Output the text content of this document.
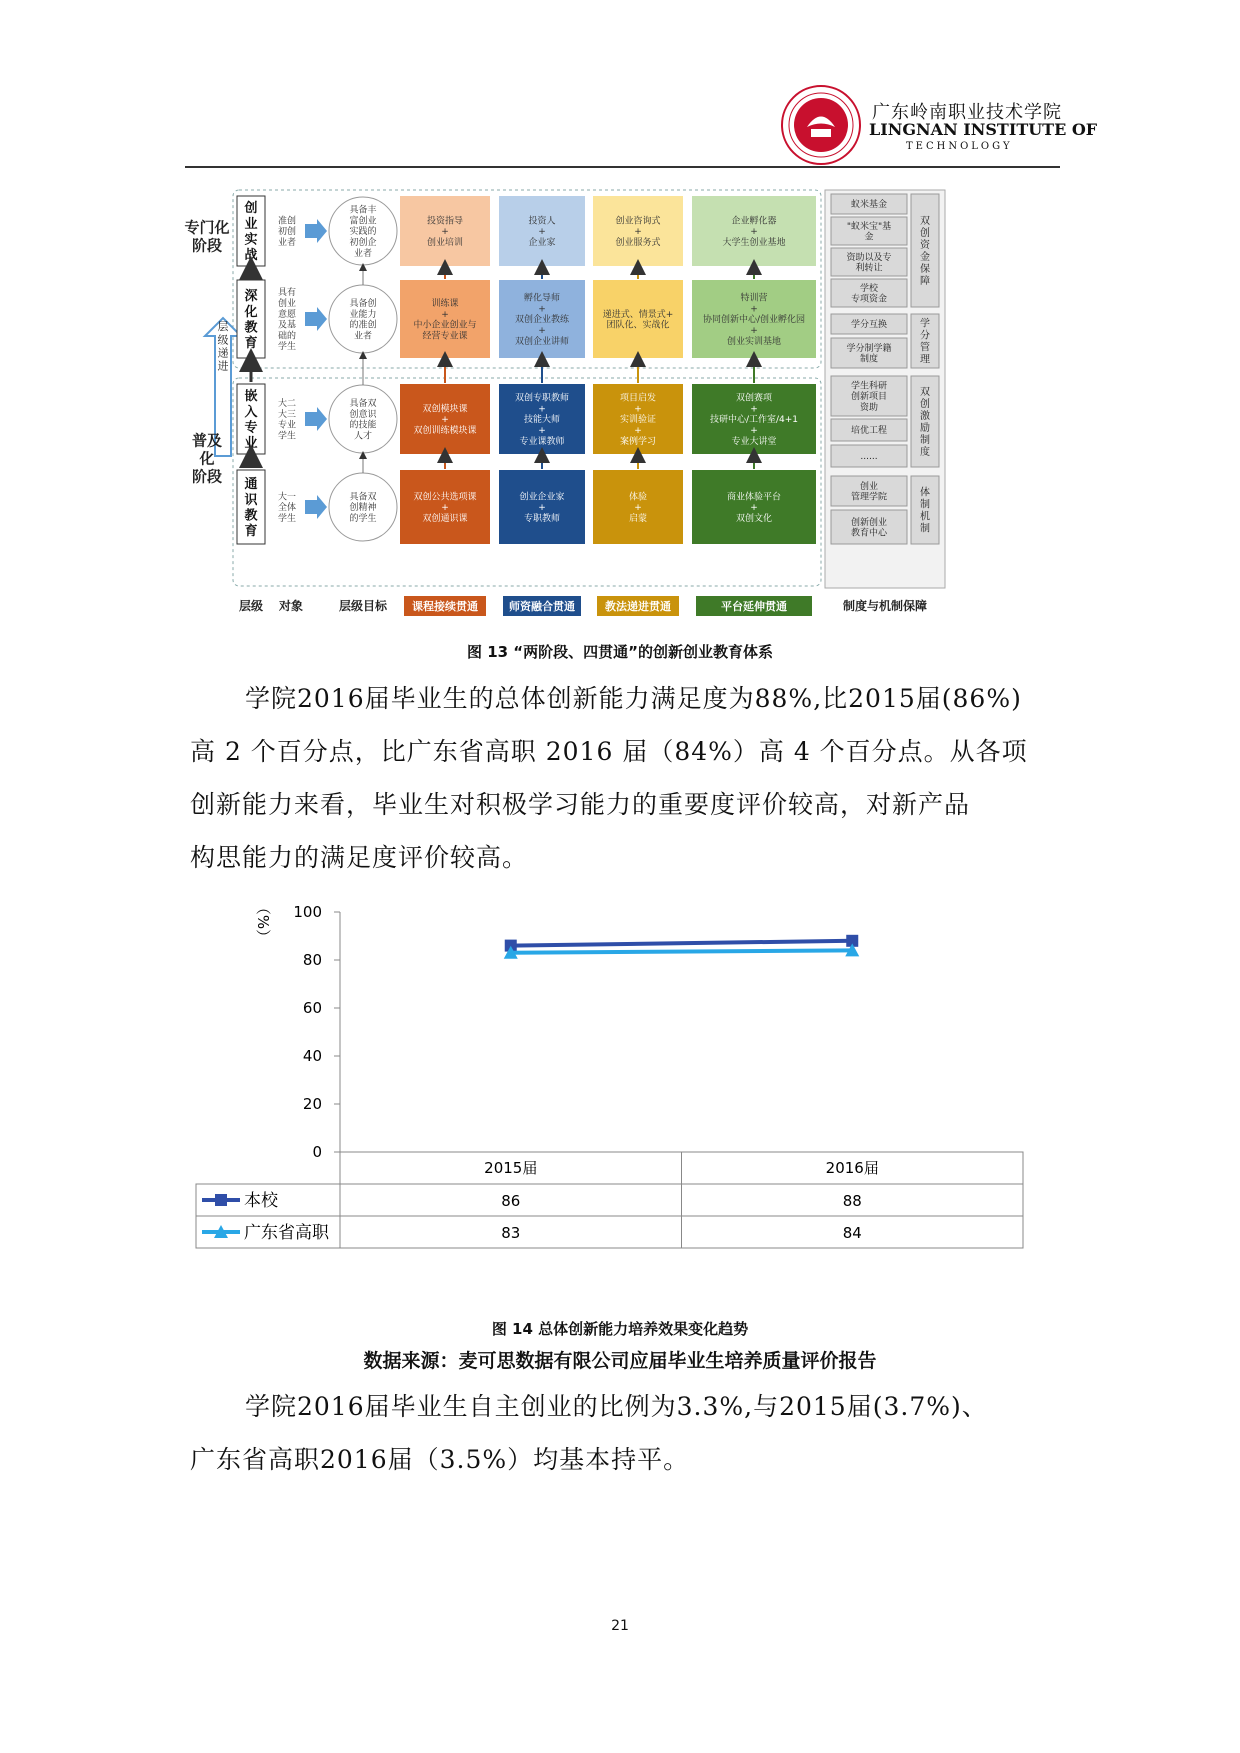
广东岭南职业技术学院
LINGNAN INSTITUTE OF
TECHNOLOGY
专门化阶段
普及化阶段
层级递进
创业实战
准创初创业者
具备丰富创业实践的初创企业者
深化教育
具有创业意愿及基础的学生
具备创业能力的准创业者
嵌入专业
大二大三专业学生
具备双创意识的技能人才
通识教育
大一全体学生
具备双创精神的学生
投资指导+创业培训
训练课+中小企业创业与经营专业课
双创模块课+双创训练模块课
双创公共选项课+双创通识课
课程接续贯通
投资人+企业家
孵化导师+双创企业教练+双创企业讲师
双创专职教师+技能大师+专业课教师
创业企业家+专职教师
师资融合贯通
创业咨询式+创业服务式
递进式、情景式+团队化、实战化
项目启发+实训验证+案例学习
体验+启蒙
教法递进贯通
企业孵化器+大学生创业基地
特训营+协同创新中心/创业孵化园+创业实训基地
双创赛项+技研中心/工作室/4+1 +专业大讲堂
商业体验平台+双创文化
平台延伸贯通
层级 对象	层级目标	制度与机制保障
蚁米基金
"蚁米宝"基金
资助以及专利转让
学校专项资金
学分互换
学分制学籍制度
学生科研创新项目资助
培优工程
......
创业管理学院
创新创业教育中心
双创资金保障
学分管理
双创激励制度
体制机制
图 13 “两阶段、四贯通”的创新创业教育体系
学院2016届毕业生的总体创新能力满足度为88%,比2015届(86%)
高 2 个百分点，比广东省高职 2016 届（84%）高 4 个百分点。从各项
创新能力来看，毕业生对积极学习能力的重要度评价较高，对新产品
构思能力的满足度评价较高。
0
20
40
60
80
100
（%）
2015届	2016届
本校	86	88
广东省高职	83	84
图 14 总体创新能力培养效果变化趋势
数据来源：麦可思数据有限公司应届毕业生培养质量评价报告
学院2016届毕业生自主创业的比例为3.3%,与2015届(3.7%)、
广东省高职2016届（3.5%）均基本持平。
21
